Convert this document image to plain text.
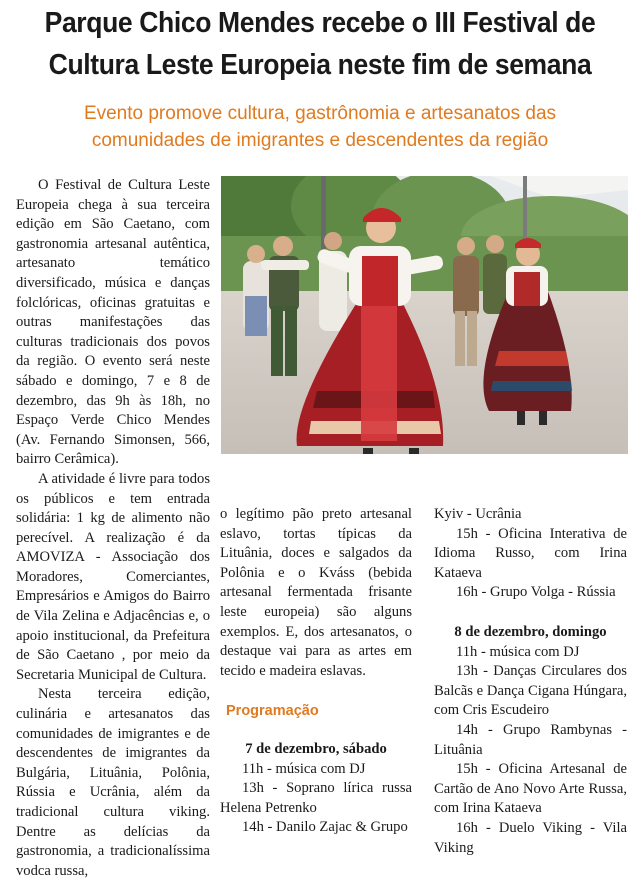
Parque Chico Mendes recebe o III Festival de
Cultura Leste Europeia neste fim de semana
Evento promove cultura, gastrônomia e artesanatos das
comunidades de imigrantes e descendentes da região

O Festival de Cultura Leste Europeia chega à sua terceira edição em São Caetano, com gastronomia artesanal autêntica, artesanato temático diversificado, música e danças folclóricas, oficinas gratuitas e outras manifestações das culturas tradicionais dos povos da região. O evento será neste sábado e domingo, 7 e 8 de dezembro, das 9h às 18h, no Espaço Verde Chico Mendes (Av. Fernando Simonsen, 566, bairro Cerâmica).

A atividade é livre para todos os públicos e tem entrada solidária: 1 kg de alimento não perecível. A realização é da AMOVIZA - Associação dos Moradores, Comerciantes, Empresários e Amigos do Bairro de Vila Zelina e Adjacências e, o apoio institucional, da Prefeitura de São Caetano , por meio da Secretaria Municipal de Cultura.

Nesta terceira edição, culinária e artesanatos das comunidades de imigrantes e de descendentes de imigrantes da Bulgária, Lituânia, Polônia, Rússia e Ucrânia, além da tradicional cultura viking. Dentre as delícias da gastronomia, a tradicionalíssima vodca russa,

o legítimo pão preto artesanal eslavo, tortas típicas da Lituânia, doces e salgados da Polônia e o Kváss (bebida artesanal fermentada frisante leste europeia) são alguns exemplos. E, dos artesanatos, o destaque vai para as artes em tecido e madeira eslavas.

Programação

7 de dezembro, sábado

11h - música com DJ

13h - Soprano lírica russa Helena Petrenko

14h - Danilo Zajac & Grupo

Kyiv - Ucrânia

15h - Oficina Interativa de Idioma Russo, com Irina Kataeva

16h - Grupo Volga - Rússia

8 de dezembro, domingo

11h - música com DJ

13h - Danças Circulares dos Balcãs e Dança Cigana Húngara, com Cris Escudeiro

14h - Grupo Rambynas - Lituânia

15h - Oficina Artesanal de Cartão de Ano Novo Arte Russa, com Irina Kataeva

16h - Duelo Viking - Vila Viking
